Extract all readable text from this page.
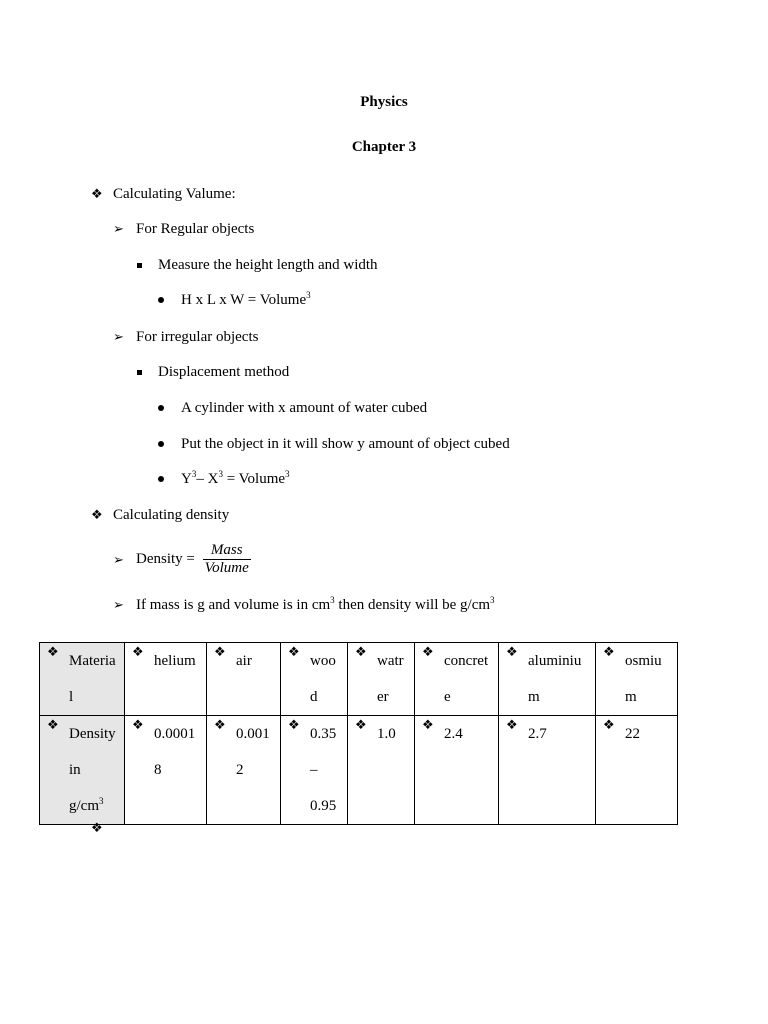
Physics
Chapter 3
❖ Calculating Valume:
➢ For Regular objects
Measure the height length and width
H x L x W = Volume$^3$
➢ For irregular objects
Displacement method
A cylinder with x amount of water cubed
Put the object in it will show y amount of object cubed
$Y^3-$ $X^3$ = Volume$^3$
❖ Calculating density
➢ Density = $\frac{\text{Mass}}{\text{Volume}}$
➢ If mass is g and volume is in $cm^3$ then density will be $g/cm^3$
❖
Materia
l	❖
helium	❖
air	❖
woo
d	❖
watr
er	❖
concret
e	❖
aluminiu
m	❖
osmiu
m

❖
Density
in
$g/cm^3$	❖
0.0001
8	❖
0.001
2	❖
0.35
–
0.95	❖
1.0	❖
2.4	❖
2.7	❖
22
❖
